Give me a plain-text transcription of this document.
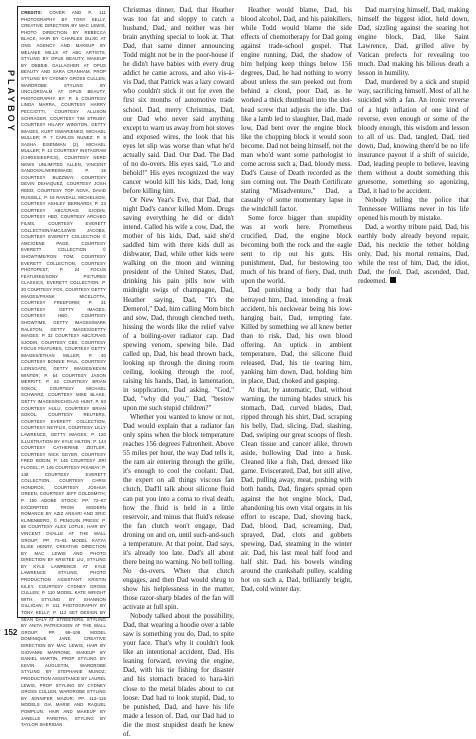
PLAYBOY
152
CREDITS: COVER AND P. 111 PHOTOGRAPHY BY TONY KELLY, CREATIVE DIRECTION BY MAC LEWIS, PHOTO DIRECTION BY REBECCA BLACK, HAIR BY CHARLES DUJIC AT ONG AGENCY AND MAKEUP BY MELANIE MILLS AT ABC ARTISTS, STYLING BY OPUS BEAUTY, MAKEUP BY DEBBIE GALLAGHER AT OPUS BEAUTY AND SARA CRANHAM, PROP STYLING BY CYDNEY GROSS CULLEN, WARDROBE STYLING BY UNCLORGALM AT OPUS BEAUTY, PHOTOGRAPHY BY: P. 5 COURTESY LINDA MARRA, COURTESY HARRY PECCIOTTI, COURTESY ALLISON SCHRAGER, COURTESY TIM STRUBY, COURTESY HILARY WINSTON, GETTY IMAGES, KURT ISWARIENKO, MICHAEL MULLER; P. 7 CARLOS NUNEZ; P. 8 SASHA EISENMAN (2), MICHAEL MULLER; P. 14 COURTESY INSTAGRAM (CHRISSIESPICS), COURTESY NERD NEWS UNLIMITED ALLEN, VINCENT SANDOVAL/WIREIMAGE; P. 15 COURTESY BUZZWAY, COURTESY DEVIN DEHAQUEZ, COURTESY JOSH REED, COURTESY TOP NOVA, DAVID RUSSELL; P. 16 RANDALL MICHELSON, COURTESY ASHLEY BERNARDI; P. 23 COURTESY ABC/CRAIG SJODIN, COURTESY HBO, COURTESY ARCHEO FILMS, COURTESY EVERETT COLLECTION/AMC/LEWIS JACOBS, COURTESY EVERETT COLLECTION © AMC/GENE PAGE, COURTESY EVERETT COLLECTION © SHOWTIME/RON TOM, COURTESY EVERETT COLLECTION, COURTESY PHOTOFEST; P. 24 FOCUS FEATURES/SONY PICTURES CLASSICS, EVERETT COLLECTION; P. 30 COURTESY FOX, COURTESY GETTY IMAGES/FRANK MICELOTTA, COURTESY FREEFORM; P. 31 COURTESY GETTY IMAGES, COURTESY HBO, COURTESY SHOWTIME, GETTY IMAGES/MARK RALSTON, GETTY IMAGES/GETTY IMAGES; P. 32 COURTESY ABC/CRAIG SJODIN, COURTESY CBS, COURTESY FOCUS FEATURES, COURTESY GETTY IMAGES/ETHAN MILLER; P. 40 COURTESY BONNIE PAUL, COURTESY LIONSGATE, GETTY IMAGES/KEVIN WINTER; P. 54 COURTESY JASON MERRITT, P. 62 COURTESY BRIAN SOKOL, COURTESY MICHAEL SCHWARZ, COURTESY MIKE BLAKE, GETTY IMAGES/NICHOLAS HUNT, P. 63 COURTESY HULU, COURTESY BRIAN SOKOL, COURTESY REUTERS, COURTESY EVERETT COLLECTION, COURTESY NETFLIX, COURTESY LILLY LAWRENCE, GETTY IMAGES; P. 120 ILLUSTRATION BY KYLE HILTON; P. 144 COURTESY CATHERINE ZEITLER, COURTESY NICK GEYER, COURTESY FRED BODIN; P. 145 COURTESY JIRI FLOGEL; P. 146 COURTESY PIXABAY; P. 148 COURTESY EVERETT COLLECTION, COURTESY CHRIS HONDROS, COURTESY JOSHUA GREEN, COURTESY JEFF GOLDSMITH; P. 150 ADOBE STOCK; PP. 72–87 EXCERPTED FROM MODERN ROMANCE BY AZIZ ANSARI AND ERIC KLINENBERG, © PENGUIN PRESS; P. 88 COURTESY ALEX LOTUS, HAIR BY VINCENT OVALLE AT THE WALL GROUP; PP. 72–81 MODEL KATYA ELISE HENRY, CREATIVE DIRECTION BY MAC LEWIS AND PHOTO DIRECTION BY KRISTEE LIU, STYLING BY KYLE LAWRENCE AT KYLE LAWRENCE STYLING, PHOTO PRODUCTION ASSISTANT KRISTIN KILEY, COURTESY CYDNEY GROSS CULLEN; P. 110 MODEL KATE WRIGHT WITH STYLING BY SHANNON GILLIGAN; P. 111 PHOTOGRAPHY BY TONY KELLY; P. 112 SET DESIGN BY SEAN DALY AT STREETERS, STYLING BY ANITA PATRICKSON AT THE WALL GROUP; PP. 98–108 MODEL DOMINIQUE JANE, CREATIVE DIRECTION BY MAC LEWIS, HAIR BY GIOVANNI MARRONE, MAKEUP BY DANIEL MARTIN, PROP STYLING BY KEVIN AUGUSTIN, WARDROBE STYLING BY STEPHANIE MUNOZ, PRODUCTION ASSISTANCE BY LAUREL LEWIS, PROP STYLING BY CYDNEY GROSS CULLEN, WARDROBE STYLING BY JENNIFER MAZUR; PP. 112–115 MODELS GIA MARIE AND RAQUEL POMPLUN, HAIR AND MAKEUP BY JANELLE FARETRA, STYLING BY TAYLOR SHERIDAN.

Christmas dinner, Dad, that Heather was too fat and sloppy to catch a husband, Dad, and neither was her brain anything special to look at. That Dad, that same dinner announcing Todd might not be in the poor-house if he didn't have babies with every drug addict he came across, and also vis-à-vis Dad, that Patrick was a lazy coward who couldn't stick it out for even the first six months of automotive trade school. Dad, merry Christmas, Dad, our Dad who never said anything except to warn us away from hot stoves and exposed wires, the look that his eyes let slip was worse than what he'd actually said. Dad. Our Dad. The Dad of no do-overs. His eyes said, "Lo and behold!" His eyes recognized the way cancer would kill his kids, Dad, long before killing him.

Or New Year's Eve, that Dad, that night Dad's cancer killed Mom. Drugs saving everything he did or didn't intend. Called his wife a cow, Dad, the mother of his kids, Dad, said she'd saddled him with three kids dull as dishwater, Dad, while other kids were walking on the moon and winning president of the United States, Dad, drinking his pain pills now with midnight swigs of champagne, Dad, Heather saying, Dad, "It's the Demerol," Dad, him calling Mom bitch and sow, Dad, through clenched teeth, hissing the words like the relief valve of a boiling-over radiator cap. Dad spewing venom, spewing bile. Dad called up, Dad, his head thrown back, looking up through the dining room ceiling, looking through the roof, raising his hands, Dad, in lamentation, in supplication, Dad asking, "God," Dad, "why did you," Dad, "bestow upon me such stupid children?"

Whether you wanted to know or not, Dad would explain that a radiator fan only spins when the block temperature reaches 156 degrees Fahrenheit. Above 55 miles per hour, the way Dad tells it, the ram air entering through the grille, it's enough to cool the coolant. Dad, the expert on all things viscous fan clutch, Dad'll talk about silicone fluid can put you into a coma to rival death, how the fluid is held in a little reservoir, and minus that fluid's release the fan clutch won't engage, Dad droning on and on, until such-and-such a temperature. At that point, Dad says, it's already too late. Dad's all about there being no warning. No bell tolling. No do-overs. When that clutch engages, and then Dad would shrug to show his helplessness in the matter, those razor-sharp blades of the fan will activate at full spin.

Nobody talked about the possibility, Dad, that wearing a hoodie over a table saw is something you do, Dad, to spite your face. That's why it couldn't look like an intentional accident, Dad. His leaning forward, revving the engine, Dad, with his tie fishing for disaster and his stomach braced to hara-kiri close to the metal blades about to cut loose. Dad had to look stupid, Dad, to be punished, Dad, and have his life made a lesson of. Dad, our Dad had to die the most stupidest death he knew of.

Heather would blame, Dad, his blood alcohol, Dad, and his painkillers, while Todd would blame the side effects of chemotherapy for Dad going against trade-school gospel. That engine running, Dad, the shadow of him helping keep things below 156 degrees, Dad, he had nothing to worry about unless the sun peeked out from behind a cloud, poor Dad, as he worked a thick thumbnail into the slot-head screw that adjusts the idle. Dad like a lamb led to slaughter, Dad, made low, Dad bent over the engine block like the chopping block it would soon become. Dad not being himself, not the man who'd want some pathologist to come across such a, Dad, bloody mess. Dad's Cause of Death recorded as the sun coming out. The Death Certificate stating "Misadventure," Dad, a casualty of some momentary lapse in the windchill factor.

Some force bigger than stupidity was at work here. Prometheus crucified, Dad, the engine block becoming both the rock and the eagle sent to rip out his guts. His punishment, Dad, for bestowing too much of his brand of fiery, Dad, truth upon the world.

Dad punishing a body that had betrayed him, Dad, intending a freak accident, his neckwear being his low-hanging bait, Dad, tempting fate. Killed by something we all knew better than to risk, Dad, his own blood offering. An uptick in ambient temperature, Dad, the silicone fluid released, Dad, his tie tearing him, yanking him down, Dad, holding him in place, Dad, choked and gasping.

At that, by automatic, Dad, without warning, the turning blades struck his stomach, Dad, curved blades, Dad, ripped through his shirt, Dad, scraping his belly, Dad, slicing, Dad, slashing, Dad, swiping our great scoops of flesh. Clean tissue and cancer alike, thrown aside, hollowing Dad into a husk. Cleaned like a fish, Dad, dressed like game. Eviscerated, Dad, but still alive, Dad, pulling away, meat, pushing with both hands, Dad, fingers spread open against the hot engine block, Dad, abandoning his own vital organs in his effort to escape, Dad, shoving back, Dad, blood, Dad, screaming, Dad, sprayed, Dad, clots and gobbets spewing, Dad, steaming in the winter air. Dad, his last meal half food and half shit. Dad, his bowels winding around the crankshaft pulley, scalding hot on such a, Dad, brilliantly bright, Dad, cold winter day.

Dad marrying himself, Dad, making himself the biggest idiot, held down, Dad, sizzling against the searing hot engine block, Dad, like Saint Lawrence, Dad, grilled alive by Vatican prefects for revealing too much. Dad making his bilious death a lesson in humility.

Dad, murdered by a sick and stupid way, sacrificing himself. Most of all he suicided with a fan. An ironic reverse of a high inflation of one kind of reverse, even enough or some of the bloody enough, this wisdom and lesson to all of us. Dad, tangled, Dad, tied down, Dad, knowing there'd be no life insurance payout if a shift of suicide, Dad, leading people to believe, leaving them without a doubt something this gruesome, something so agonizing, Dad, it had to be accident.

Nobody telling the police that Tennessee Williams never in his life opened his mouth by mistake.

Dad, a worthy tribute paid, Dad, his earthly body already beyond repair, Dad, his necktie the tether holding only, Dad, his mortal remains, Dad, while the rest of him, Dad, the idiot, Dad, the fool, Dad, ascended, Dad, redeemed.
